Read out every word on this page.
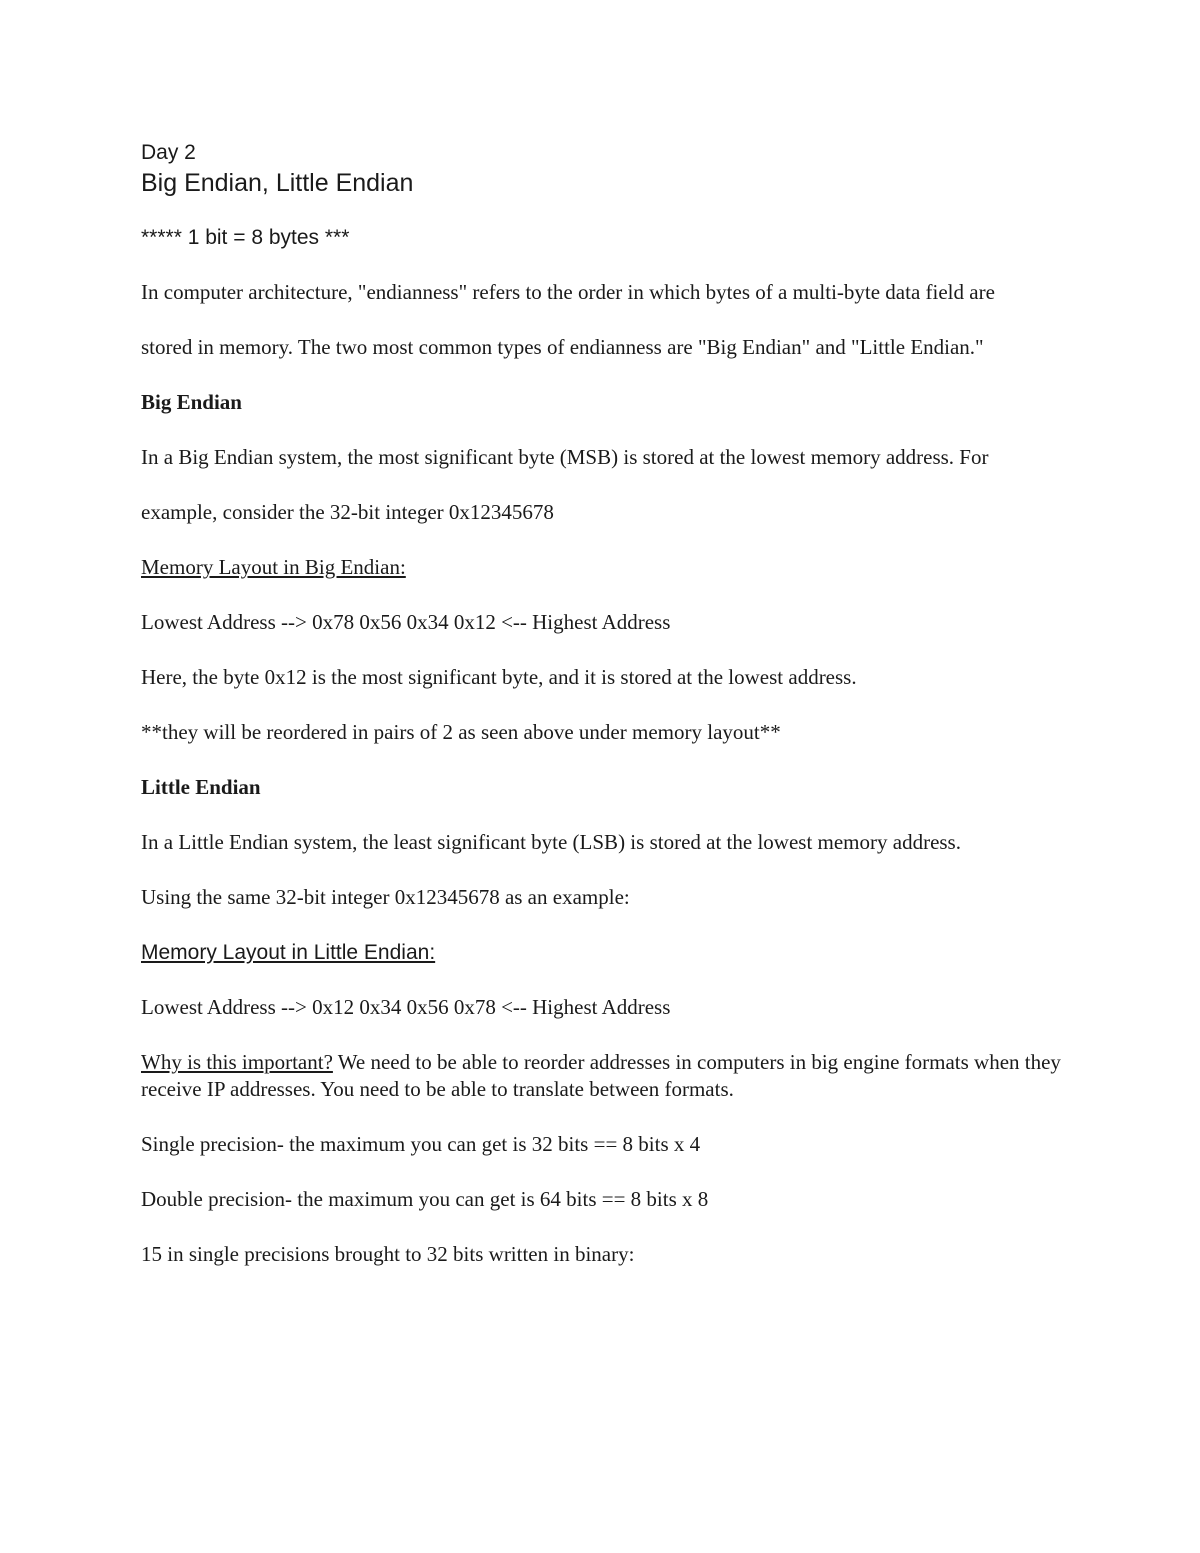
Day 2

Big Endian, Little Endian

***** 1 bit = 8 bytes ***

In computer architecture, "endianness" refers to the order in which bytes of a multi-byte data field are

stored in memory. The two most common types of endianness are "Big Endian" and "Little Endian."

Big Endian

In a Big Endian system, the most significant byte (MSB) is stored at the lowest memory address. For

example, consider the 32-bit integer 0x12345678

Memory Layout in Big Endian:

Lowest Address --> 0x78 0x56 0x34 0x12 <-- Highest Address

Here, the byte 0x12 is the most significant byte, and it is stored at the lowest address.

**they will be reordered in pairs of 2 as seen above under memory layout**

Little Endian

In a Little Endian system, the least significant byte (LSB) is stored at the lowest memory address.

Using the same 32-bit integer 0x12345678 as an example:

Memory Layout in Little Endian:

Lowest Address --> 0x12 0x34 0x56 0x78 <-- Highest Address

Why is this important? We need to be able to reorder addresses in computers in big engine formats when they receive IP addresses. You need to be able to translate between formats.

Single precision- the maximum you can get is 32 bits == 8 bits x 4

Double precision- the maximum you can get is 64 bits == 8 bits x 8

15 in single precisions brought to 32 bits written in binary:
